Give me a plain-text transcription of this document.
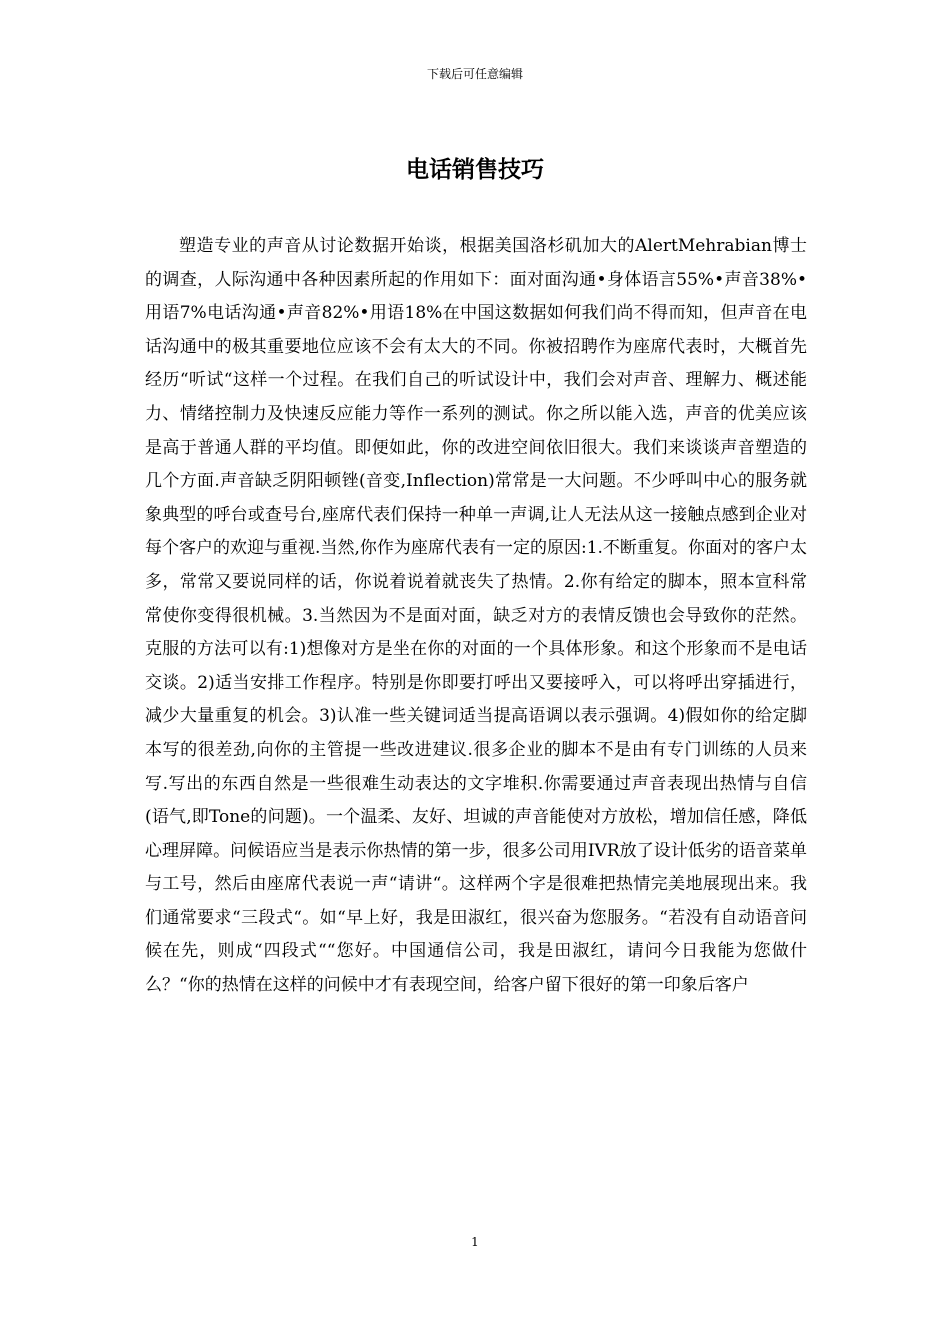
下载后可任意编辑
电话销售技巧

塑造专业的声音从讨论数据开始谈，根据美国洛杉矶加大的AlertMehrabian博士的调查，人际沟通中各种因素所起的作用如下：面对面沟通•身体语言55%•声音38%•用语7%电话沟通•声音82%•用语18%在中国这数据如何我们尚不得而知，但声音在电话沟通中的极其重要地位应该不会有太大的不同。你被招聘作为座席代表时，大概首先经历“听试“这样一个过程。在我们自己的听试设计中，我们会对声音、理解力、概述能力、情绪控制力及快速反应能力等作一系列的测试。你之所以能入选，声音的优美应该是高于普通人群的平均值。即便如此，你的改进空间依旧很大。我们来谈谈声音塑造的几个方面.声音缺乏阴阳顿锉(音变,Inflection)常常是一大问题。不少呼叫中心的服务就象典型的呼台或查号台,座席代表们保持一种单一声调,让人无法从这一接触点感到企业对每个客户的欢迎与重视.当然,你作为座席代表有一定的原因:1.不断重复。你面对的客户太多，常常又要说同样的话，你说着说着就丧失了热情。2.你有给定的脚本，照本宣科常常使你变得很机械。3.当然因为不是面对面，缺乏对方的表情反馈也会导致你的茫然。克服的方法可以有:1)想像对方是坐在你的对面的一个具体形象。和这个形象而不是电话交谈。2)适当安排工作程序。特别是你即要打呼出又要接呼入，可以将呼出穿插进行，减少大量重复的机会。3)认准一些关键词适当提高语调以表示强调。4)假如你的给定脚本写的很差劲,向你的主管提一些改进建议.很多企业的脚本不是由有专门训练的人员来写.写出的东西自然是一些很难生动表达的文字堆积.你需要通过声音表现出热情与自信(语气,即Tone的问题)。一个温柔、友好、坦诚的声音能使对方放松，增加信任感，降低心理屏障。问候语应当是表示你热情的第一步，很多公司用IVR放了设计低劣的语音菜单与工号，然后由座席代表说一声“请讲“。这样两个字是很难把热情完美地展现出来。我们通常要求“三段式“。如“早上好，我是田淑红，很兴奋为您服务。“若没有自动语音问候在先，则成“四段式““您好。中国通信公司，我是田淑红，请问今日我能为您做什么？“你的热情在这样的问候中才有表现空间，给客户留下很好的第一印象后客户

1
